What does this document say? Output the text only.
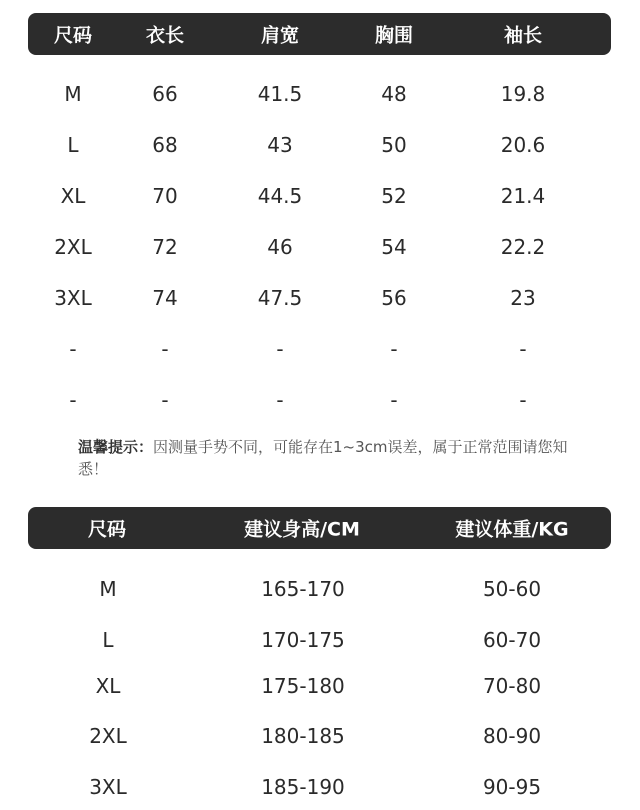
尺码	衣长	肩宽	胸围	袖长
M	66	41.5	48	19.8
L	68	43	50	20.6
XL	70	44.5	52	21.4
2XL	72	46	54	22.2
3XL	74	47.5	56	23
-	-	-	-	-
-	-	-	-	-
温馨提示：因测量手势不同，可能存在1~3cm误差，属于正常范围请您知悉！
尺码	建议身高/CM	建议体重/KG
M	165-170	50-60
L	170-175	60-70
XL	175-180	70-80
2XL	180-185	80-90
3XL	185-190	90-95
